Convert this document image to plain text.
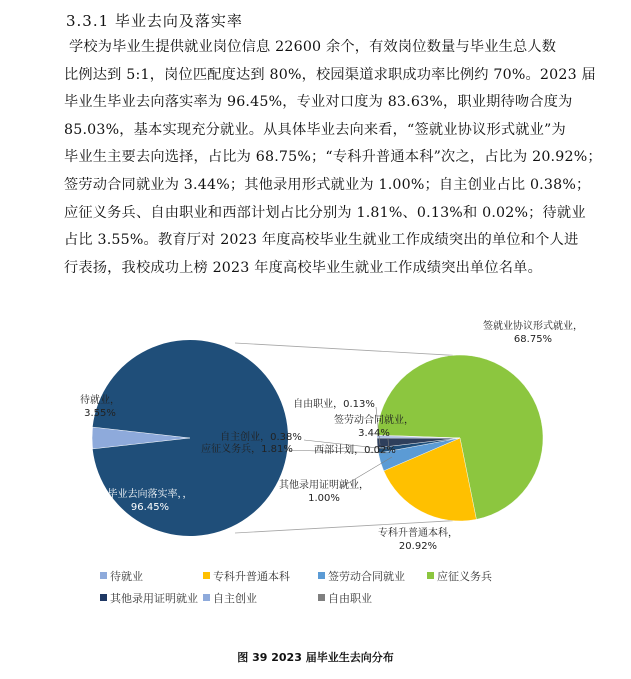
3.3.1 毕业去向及落实率
学校为毕业生提供就业岗位信息 22600 余个，有效岗位数量与毕业生总人数
比例达到 5:1，岗位匹配度达到 80%，校园渠道求职成功率比例约 70%。2023 届
毕业生毕业去向落实率为 96.45%，专业对口度为 83.63%，职业期待吻合度为
85.03%，基本实现充分就业。从具体毕业去向来看，“签就业协议形式就业”为
毕业生主要去向选择，占比为 68.75%；“专科升普通本科”次之，占比为 20.92%；
签劳动合同就业为 3.44%；其他录用形式就业为 1.00%；自主创业占比 0.38%；
应征义务兵、自由职业和西部计划占比分别为 1.81%、0.13%和 0.02%；待就业
占比 3.55%。教育厅对 2023 年度高校毕业生就业工作成绩突出的单位和个人进
行表扬，我校成功上榜 2023 年度高校毕业生就业工作成绩突出单位名单。
签就业协议形式就业， 68.75%
专科升普通本科， 20.92%
签劳动合同就业， 3.44%
其他录用证明就业， 1.00%
应征义务兵，1.81% 西部计划，0.02%
自主创业，0.38%
自由职业，0.13%
待就业， 3.55%
毕业去向落实率，， 96.45%
待就业	专科升普通本科	签劳动合同就业	应征义务兵
其他录用证明就业 自主创业	自由职业
图 39 2023 届毕业生去向分布
